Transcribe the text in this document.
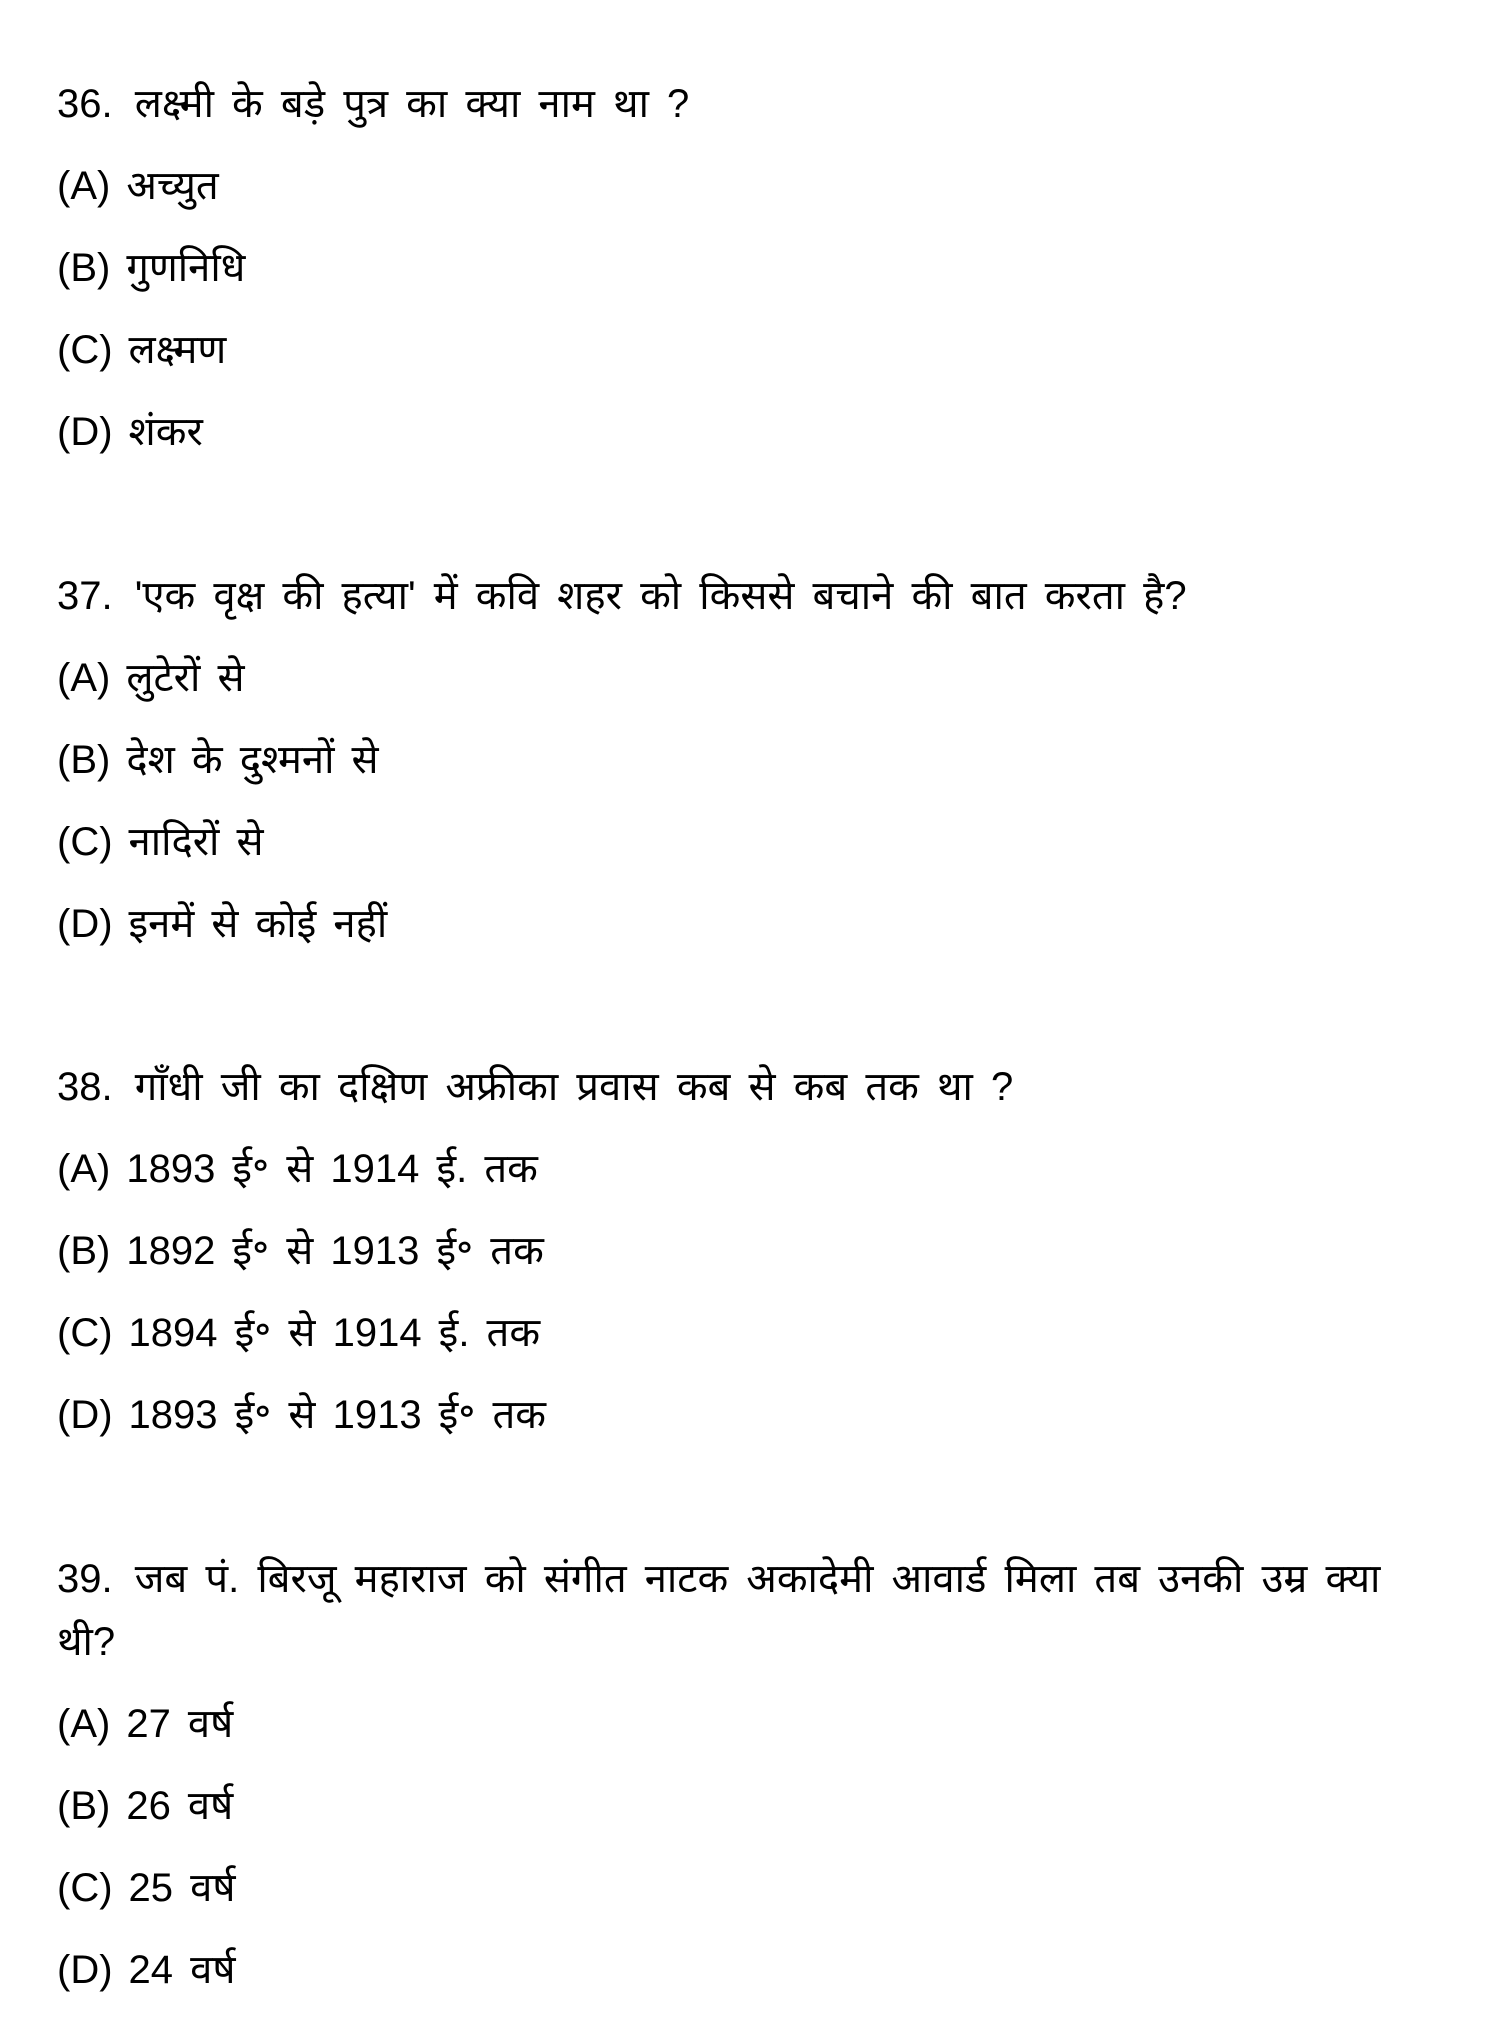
36. लक्ष्मी के बड़े पुत्र का क्या नाम था ?

(A) अच्युत
(B) गुणनिधि
(C) लक्ष्मण
(D) शंकर

37. 'एक वृक्ष की हत्या' में कवि शहर को किससे बचाने की बात करता है?

(A) लुटेरों से
(B) देश के दुश्मनों से
(C) नादिरों से
(D) इनमें से कोई नहीं

38. गाँधी जी का दक्षिण अफ्रीका प्रवास कब से कब तक था ?

(A) 1893 ई॰ से 1914 ई. तक
(B) 1892 ई॰ से 1913 ई॰ तक
(C) 1894 ई॰ से 1914 ई. तक
(D) 1893 ई॰ से 1913 ई॰ तक

39. जब पं. बिरजू महाराज को संगीत नाटक अकादेमी आवार्ड मिला तब उनकी उम्र क्या थी?

(A) 27 वर्ष
(B) 26 वर्ष
(C) 25 वर्ष
(D) 24 वर्ष
